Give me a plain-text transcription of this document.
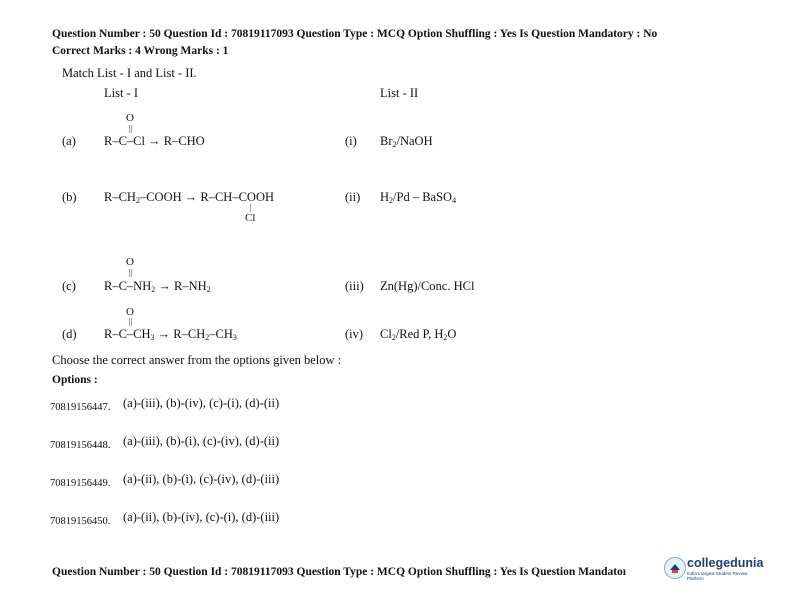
Question Number : 50 Question Id : 70819117093 Question Type : MCQ Option Shuffling : Yes Is Question Mandatory : No
Correct Marks : 4 Wrong Marks : 1
Match List - I and List - II.
List - I	List - II
(a)
(b)
(c)
(d)
O
||
R–C–Cl → R–CHO
$R-CH_2$–COOH → R–CH–COOH
|
Cl
O
||
$R-C-NH_2 \to R-NH_2$
O
||
$R-C-CH_3 \to R-CH_2-CH_3$
(i) $Br_2$/NaOH
(ii) $H_2/Pd$ – BaSO$_4$
(iii) Zn(Hg)/Conc. HCl
(iv) $Cl_2$/Red P, $H_2O$
Choose the correct answer from the options given below :
Options :
70819156447. (a)-(iii), (b)-(iv), (c)-(i), (d)-(ii)
70819156448. (a)-(iii), (b)-(i), (c)-(iv), (d)-(ii)
70819156449. (a)-(ii), (b)-(i), (c)-(iv), (d)-(iii)
70819156450. (a)-(ii), (b)-(iv), (c)-(i), (d)-(iii)
Question Number : 50 Question Id : 70819117093 Question Type : MCQ Option Shuffling : Yes Is Question Mandatoı
collegedunia
India's largest Student Review Platform
